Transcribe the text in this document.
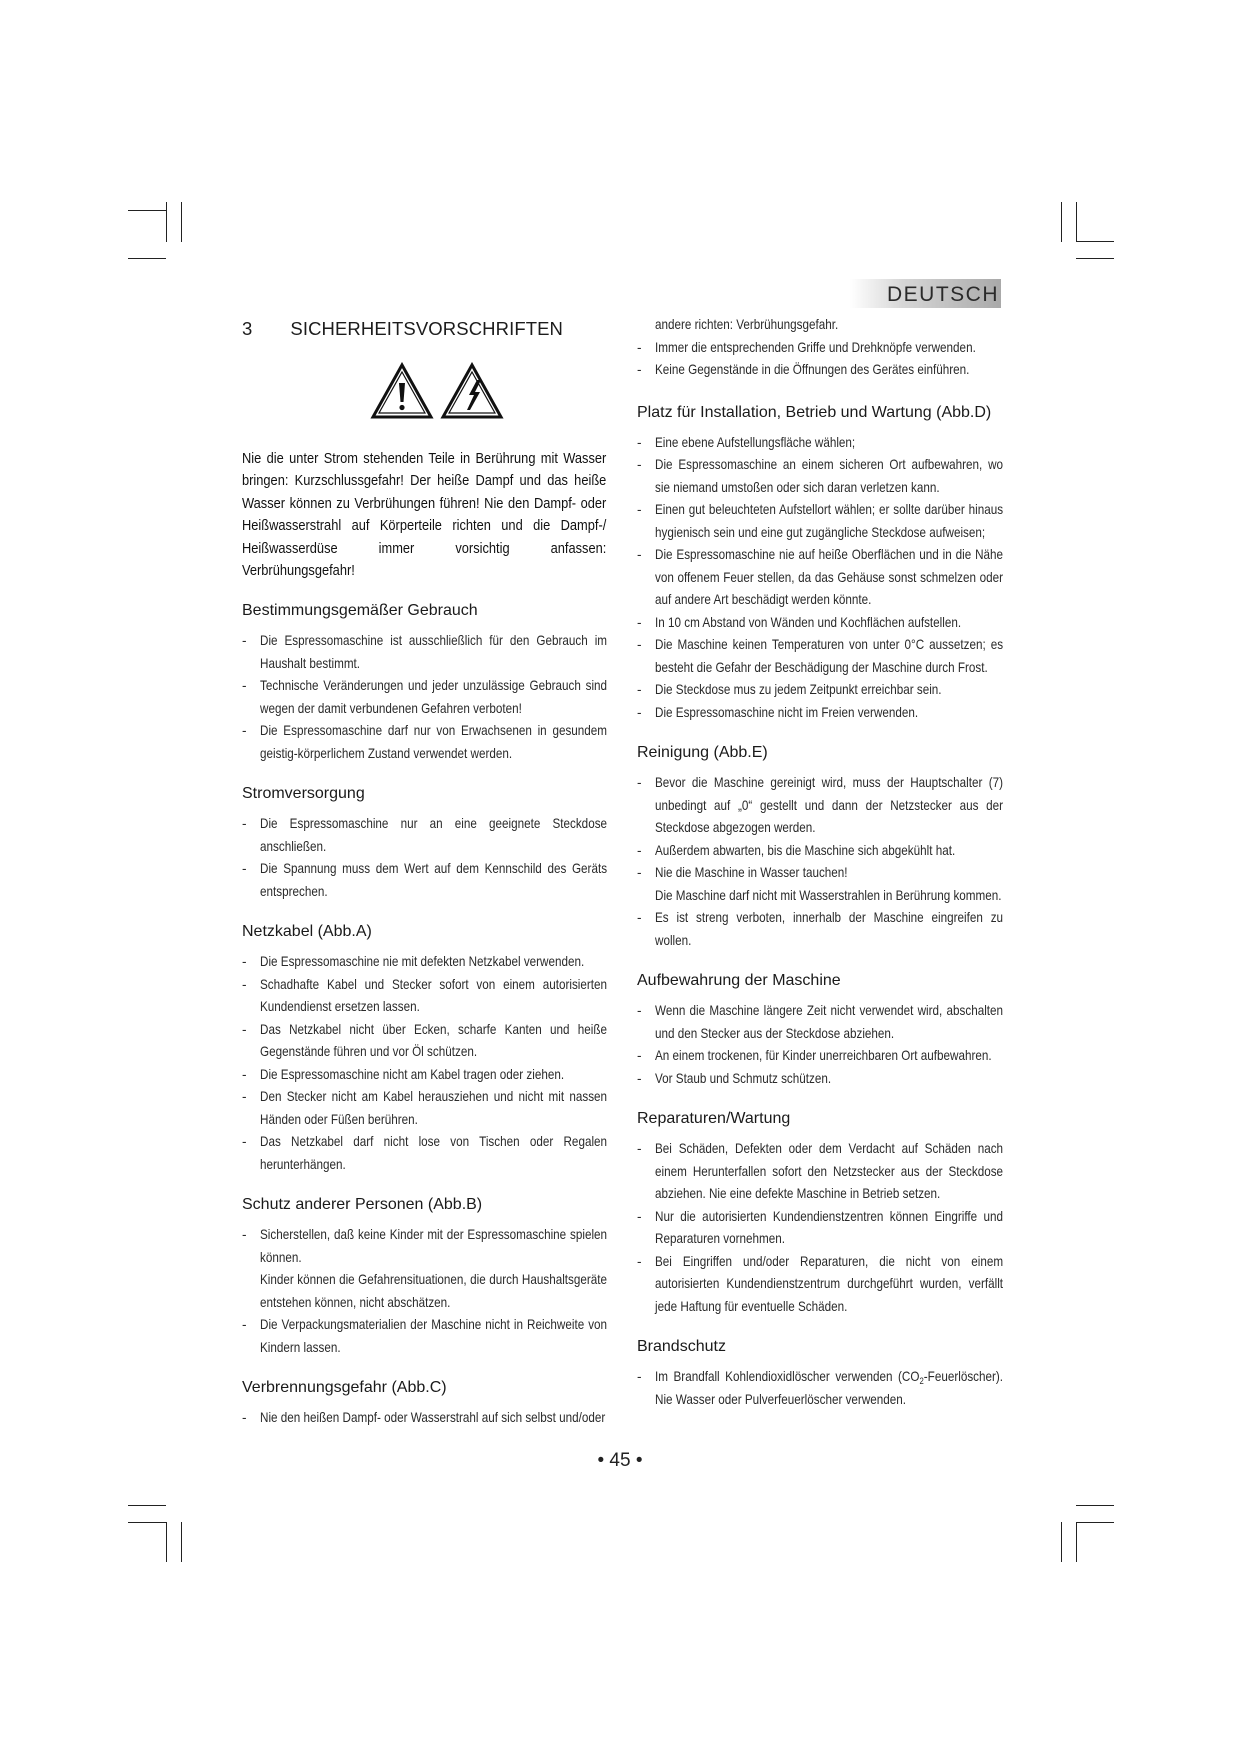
DEUTSCH
3 SICHERHEITSVORSCHRIFTEN
Nie die unter Strom stehenden Teile in Berührung mit Wasser bringen: Kurzschlussgefahr! Der heiße Dampf und das heiße Wasser können zu Verbrühungen führen! Nie den Dampf- oder Heißwasserstrahl auf Körperteile richten und die Dampf-/ Heißwasserdüse immer vorsichtig anfassen: Verbrühungsgefahr!
Bestimmungsgemäßer Gebrauch
- Die Espressomaschine ist ausschließlich für den Gebrauch im Haushalt bestimmt.
- Technische Veränderungen und jeder unzulässige Gebrauch sind wegen der damit verbundenen Gefahren verboten!
- Die Espressomaschine darf nur von Erwachsenen in gesundem geistig-körperlichem Zustand verwendet werden.
Stromversorgung
- Die Espressomaschine nur an eine geeignete Steckdose anschließen.
- Die Spannung muss dem Wert auf dem Kennschild des Geräts entsprechen.
Netzkabel (Abb.A)
- Die Espressomaschine nie mit defekten Netzkabel verwenden.
- Schadhafte Kabel und Stecker sofort von einem autorisierten Kundendienst ersetzen lassen.
- Das Netzkabel nicht über Ecken, scharfe Kanten und heiße Gegenstände führen und vor Öl schützen.
- Die Espressomaschine nicht am Kabel tragen oder ziehen.
- Den Stecker nicht am Kabel herausziehen und nicht mit nassen Händen oder Füßen berühren.
- Das Netzkabel darf nicht lose von Tischen oder Regalen herunterhängen.
Schutz anderer Personen (Abb.B)
- Sicherstellen, daß keine Kinder mit der Espressomaschine spielen können.
Kinder können die Gefahrensituationen, die durch Haushaltsgeräte entstehen können, nicht abschätzen.
- Die Verpackungsmaterialien der Maschine nicht in Reichweite von Kindern lassen.
Verbrennungsgefahr (Abb.C)
- Nie den heißen Dampf- oder Wasserstrahl auf sich selbst und/oder
andere richten: Verbrühungsgefahr.
- Immer die entsprechenden Griffe und Drehknöpfe verwenden.
- Keine Gegenstände in die Öffnungen des Gerätes einführen.
Platz für Installation, Betrieb und Wartung (Abb.D)
- Eine ebene Aufstellungsfläche wählen;
- Die Espressomaschine an einem sicheren Ort aufbewahren, wo sie niemand umstoßen oder sich daran verletzen kann.
- Einen gut beleuchteten Aufstellort wählen; er sollte darüber hinaus hygienisch sein und eine gut zugängliche Steckdose aufweisen;
- Die Espressomaschine nie auf heiße Oberflächen und in die Nähe von offenem Feuer stellen, da das Gehäuse sonst schmelzen oder auf andere Art beschädigt werden könnte.
- In 10 cm Abstand von Wänden und Kochflächen aufstellen.
- Die Maschine keinen Temperaturen von unter 0°C aussetzen; es besteht die Gefahr der Beschädigung der Maschine durch Frost.
- Die Steckdose mus zu jedem Zeitpunkt erreichbar sein.
- Die Espressomaschine nicht im Freien verwenden.
Reinigung (Abb.E)
- Bevor die Maschine gereinigt wird, muss der Hauptschalter (7) unbedingt auf „0“ gestellt und dann der Netzstecker aus der Steckdose abgezogen werden.
- Außerdem abwarten, bis die Maschine sich abgekühlt hat.
- Nie die Maschine in Wasser tauchen!
Die Maschine darf nicht mit Wasserstrahlen in Berührung kommen.
- Es ist streng verboten, innerhalb der Maschine eingreifen zu wollen.
Aufbewahrung der Maschine
- Wenn die Maschine längere Zeit nicht verwendet wird, abschalten und den Stecker aus der Steckdose abziehen.
- An einem trockenen, für Kinder unerreichbaren Ort aufbewahren.
- Vor Staub und Schmutz schützen.
Reparaturen/Wartung
- Bei Schäden, Defekten oder dem Verdacht auf Schäden nach einem Herunterfallen sofort den Netzstecker aus der Steckdose abziehen. Nie eine defekte Maschine in Betrieb setzen.
- Nur die autorisierten Kundendienstzentren können Eingriffe und Reparaturen vornehmen.
- Bei Eingriffen und/oder Reparaturen, die nicht von einem autorisierten Kundendienstzentrum durchgeführt wurden, verfällt jede Haftung für eventuelle Schäden.
Brandschutz
- Im Brandfall Kohlendioxidlöscher verwenden $(CO_2-Feuerlöscher)$. Nie Wasser oder Pulverfeuerlöscher verwenden.
• 45 •
